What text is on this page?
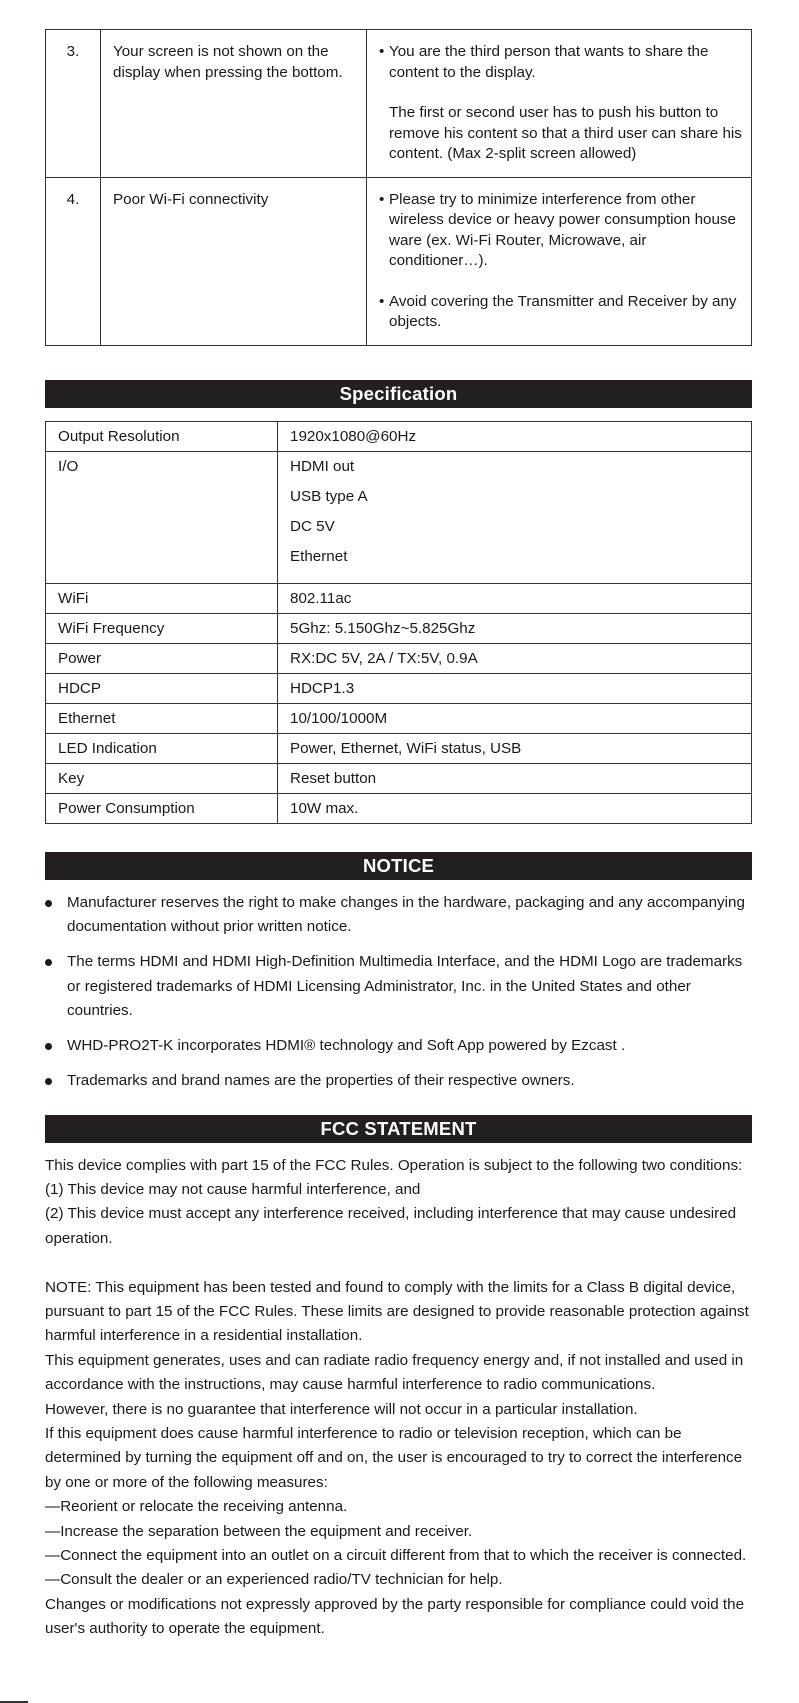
3.	Your screen is not shown on the display when pressing the bottom.	• You are the third person that wants to share the content to the display.
The first or second user has to push his button to remove his content so that a third user can share his content. (Max 2-split screen allowed)

4.	Poor Wi-Fi connectivity	• Please try to minimize interference from other wireless device or heavy power consumption house ware (ex. Wi-Fi Router, Microwave, air conditioner…).
• Avoid covering the Transmitter and Receiver by any objects.
Specification
Output Resolution	1920x1080@60Hz
I/O	HDMI out
USB type A
DC 5V
Ethernet

WiFi	802.11ac
WiFi Frequency	5Ghz: 5.150Ghz~5.825Ghz
Power	RX:DC 5V, 2A / TX:5V, 0.9A
HDCP	HDCP1.3
Ethernet	10/100/1000M
LED Indication	Power, Ethernet, WiFi status, USB
Key	Reset button
Power Consumption	10W max.
NOTICE
Manufacturer reserves the right to make changes in the hardware, packaging and any accompanying documentation without prior written notice.
The terms HDMI and HDMI High-Definition Multimedia Interface, and the HDMI Logo are trademarks or registered trademarks of HDMI Licensing Administrator, Inc. in the United States and other countries.
WHD-PRO2T-K incorporates HDMI® technology and Soft App powered by Ezcast .
Trademarks and brand names are the properties of their respective owners.
FCC STATEMENT

This device complies with part 15 of the FCC Rules. Operation is subject to the following two conditions:

(1) This device may not cause harmful interference, and

(2) This device must accept any interference received, including interference that may cause undesired operation.

NOTE: This equipment has been tested and found to comply with the limits for a Class B digital device, pursuant to part 15 of the FCC Rules. These limits are designed to provide reasonable protection against harmful interference in a residential installation.

This equipment generates, uses and can radiate radio frequency energy and, if not installed and used in accordance with the instructions, may cause harmful interference to radio communications.

However, there is no guarantee that interference will not occur in a particular installation.

If this equipment does cause harmful interference to radio or television reception, which can be determined by turning the equipment off and on, the user is encouraged to try to correct the interference by one or more of the following measures:

—Reorient or relocate the receiving antenna.

—Increase the separation between the equipment and receiver.

—Connect the equipment into an outlet on a circuit different from that to which the receiver is connected.

—Consult the dealer or an experienced radio/TV technician for help.

Changes or modifications not expressly approved by the party responsible for compliance could void the user's authority to operate the equipment.
